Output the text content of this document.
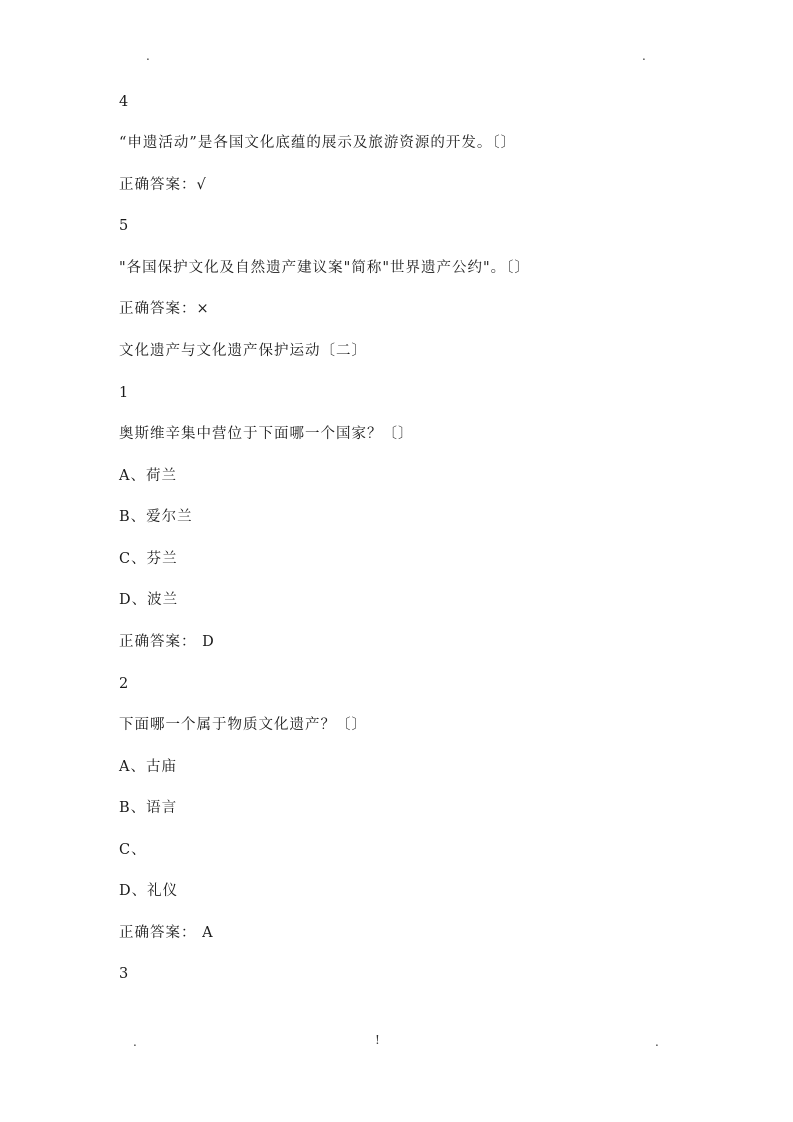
.	.
4
“申遗活动”是各国文化底蕴的展示及旅游资源的开发。〔〕
正确答案：√
5
"各国保护文化及自然遗产建议案"简称"世界遗产公约"。〔〕
正确答案：×
文化遗产与文化遗产保护运动〔二〕
1
奥斯维辛集中营位于下面哪一个国家？〔〕
A、荷兰
B、爱尔兰
C、芬兰
D、波兰
正确答案： D
2
下面哪一个属于物质文化遗产？〔〕
A、古庙
B、语言
C、
D、礼仪
正确答案： A
3
.	!	.
